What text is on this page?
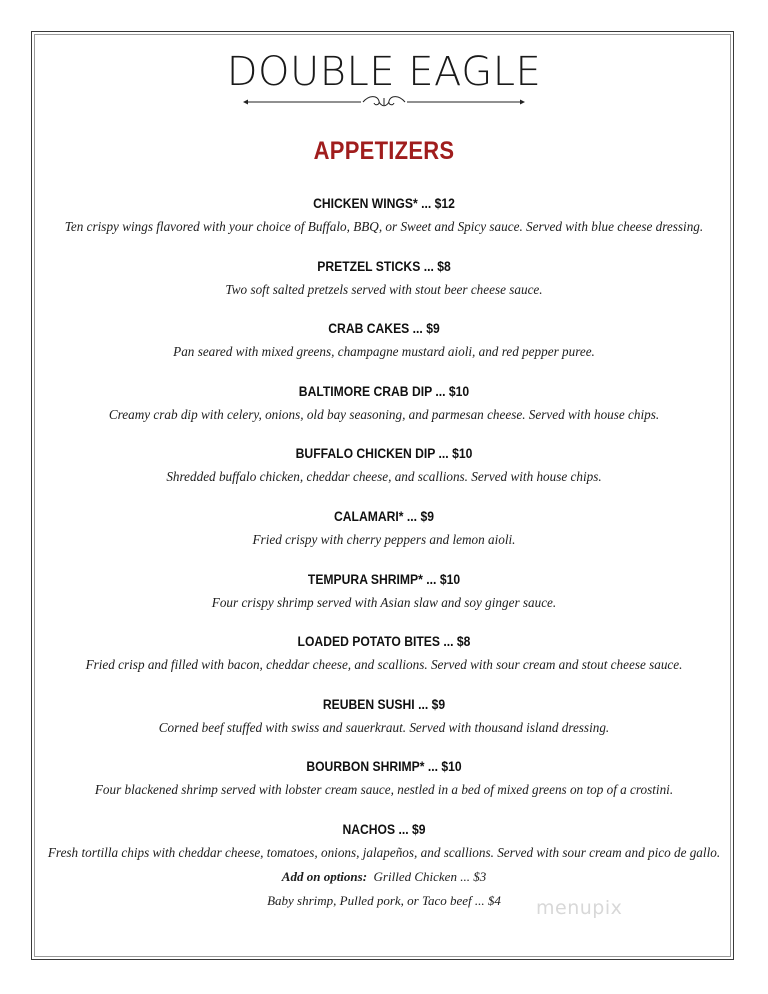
DOUBLE EAGLE
APPETIZERS
CHICKEN WINGS* ... $12
Ten crispy wings flavored with your choice of Buffalo, BBQ, or Sweet and Spicy sauce. Served with blue cheese dressing.
PRETZEL STICKS ... $8
Two soft salted pretzels served with stout beer cheese sauce.
CRAB CAKES ... $9
Pan seared with mixed greens, champagne mustard aioli, and red pepper puree.
BALTIMORE CRAB DIP ... $10
Creamy crab dip with celery, onions, old bay seasoning, and parmesan cheese. Served with house chips.
BUFFALO CHICKEN DIP ... $10
Shredded buffalo chicken, cheddar cheese, and scallions. Served with house chips.
CALAMARI* ... $9
Fried crispy with cherry peppers and lemon aioli.
TEMPURA SHRIMP* ... $10
Four crispy shrimp served with Asian slaw and soy ginger sauce.
LOADED POTATO BITES ... $8
Fried crisp and filled with bacon, cheddar cheese, and scallions. Served with sour cream and stout cheese sauce.
REUBEN SUSHI ... $9
Corned beef stuffed with swiss and sauerkraut. Served with thousand island dressing.
BOURBON SHRIMP* ... $10
Four blackened shrimp served with lobster cream sauce, nestled in a bed of mixed greens on top of a crostini.
NACHOS ... $9
Fresh tortilla chips with cheddar cheese, tomatoes, onions, jalapeños, and scallions. Served with sour cream and pico de gallo.
Add on options: Grilled Chicken ... $3
Baby shrimp, Pulled pork, or Taco beef ... $4	menupix
